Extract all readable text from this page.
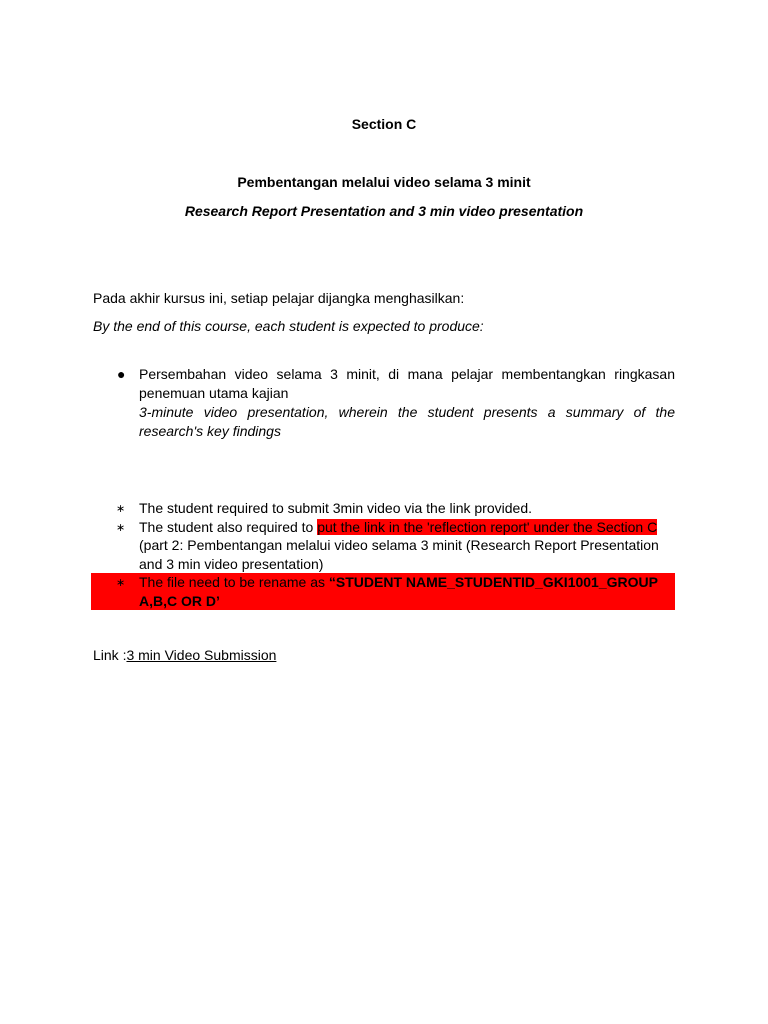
Section C
Pembentangan melalui video selama 3 minit
Research Report Presentation and 3 min video presentation
Pada akhir kursus ini, setiap pelajar dijangka menghasilkan:
By the end of this course, each student is expected to produce:
● Persembahan video selama 3 minit, di mana pelajar membentangkan ringkasan penemuan utama kajian
3-minute video presentation, wherein the student presents a summary of the research's key findings
∗ The student required to submit 3min video via the link provided.
∗ The student also required to put the link in the 'reflection report' under the Section C (part 2: Pembentangan melalui video selama 3 minit (Research Report Presentation and 3 min video presentation)
∗ The file need to be rename as “STUDENT NAME_STUDENTID_GKI1001_GROUP A,B,C OR D’
Link :3 min Video Submission
